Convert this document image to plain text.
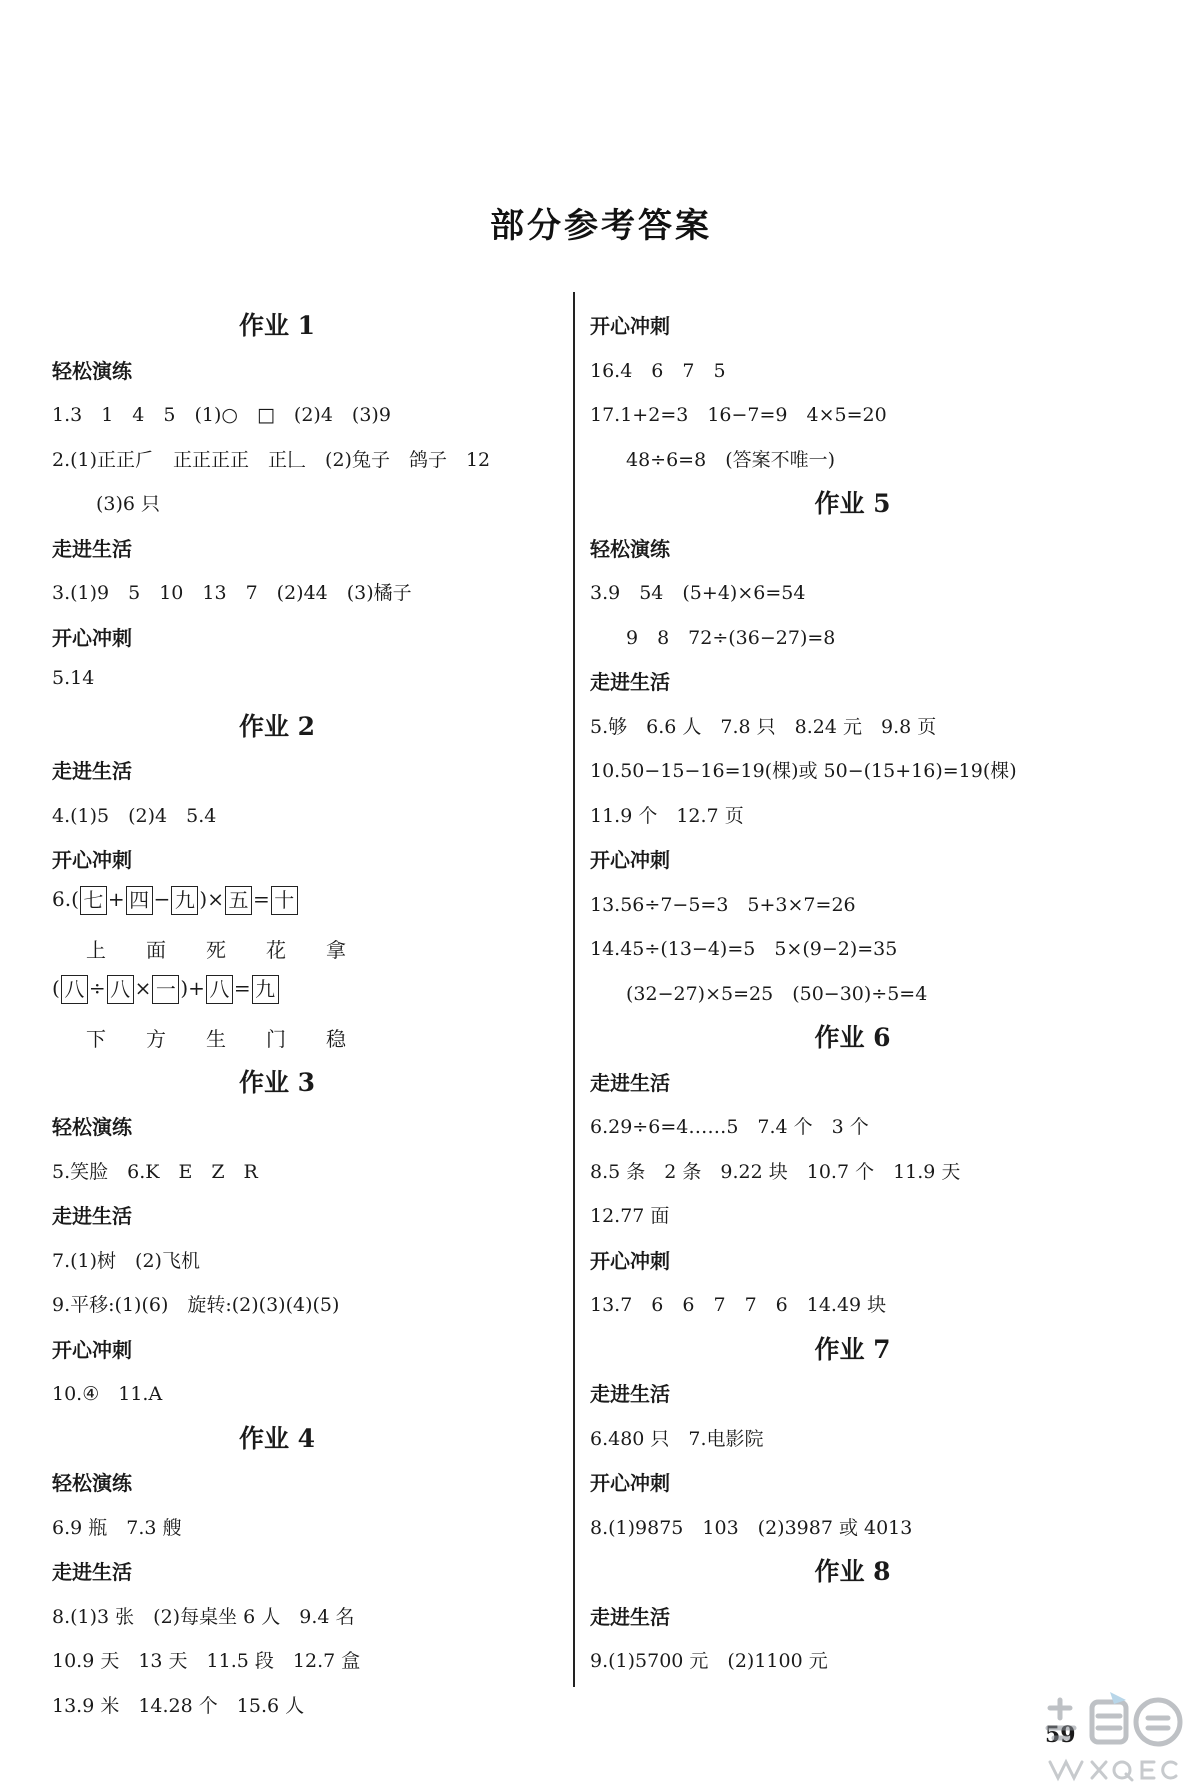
部分参考答案
作业 1
轻松演练
1.3　1　4　5　(1)○　□　(2)4　(3)9
2.(1)正正𠂆　正正正正　正𠃊　(2)兔子　鸽子　12
(3)6 只
走进生活
3.(1)9　5　10　13　7　(2)44　(3)橘子
开心冲刺
5.14
作业 2
走进生活
4.(1)5　(2)4　5.4
开心冲刺
6.( 七 + 四 − 九 )× 五 = 十
上 面 死 花 拿
( 八 ÷ 八 × 一 )+ 八 = 九
下 方 生 门 稳
作业 3
轻松演练
5.笑脸　6.K　E　Z　R
走进生活
7.(1)树　(2)飞机
9.平移:(1)(6)　旋转:(2)(3)(4)(5)
开心冲刺
10.④　11.A
作业 4
轻松演练
6.9 瓶　7.3 艘
走进生活
8.(1)3 张　(2)每桌坐 6 人　9.4 名
10.9 天　13 天　11.5 段　12.7 盒
13.9 米　14.28 个　15.6 人
开心冲刺
16.4　6　7　5
17.1+2=3　16−7=9　4×5=20
48÷6=8　(答案不唯一)
作业 5
轻松演练
3.9　54　(5+4)×6=54
9　8　72÷(36−27)=8
走进生活
5.够　6.6 人　7.8 只　8.24 元　9.8 页
10.50−15−16=19(棵)或 50−(15+16)=19(棵)
11.9 个　12.7 页
开心冲刺
13.56÷7−5=3　5+3×7=26
14.45÷(13−4)=5　5×(9−2)=35
(32−27)×5=25　(50−30)÷5=4
作业 6
走进生活
6.29÷6=4……5　7.4 个　3 个
8.5 条　2 条　9.22 块　10.7 个　11.9 天
12.77 面
开心冲刺
13.7　6　6　7　7　6　14.49 块
作业 7
走进生活
6.480 只　7.电影院
开心冲刺
8.(1)9875　103　(2)3987 或 4013
作业 8
走进生活
9.(1)5700 元　(2)1100 元
59
